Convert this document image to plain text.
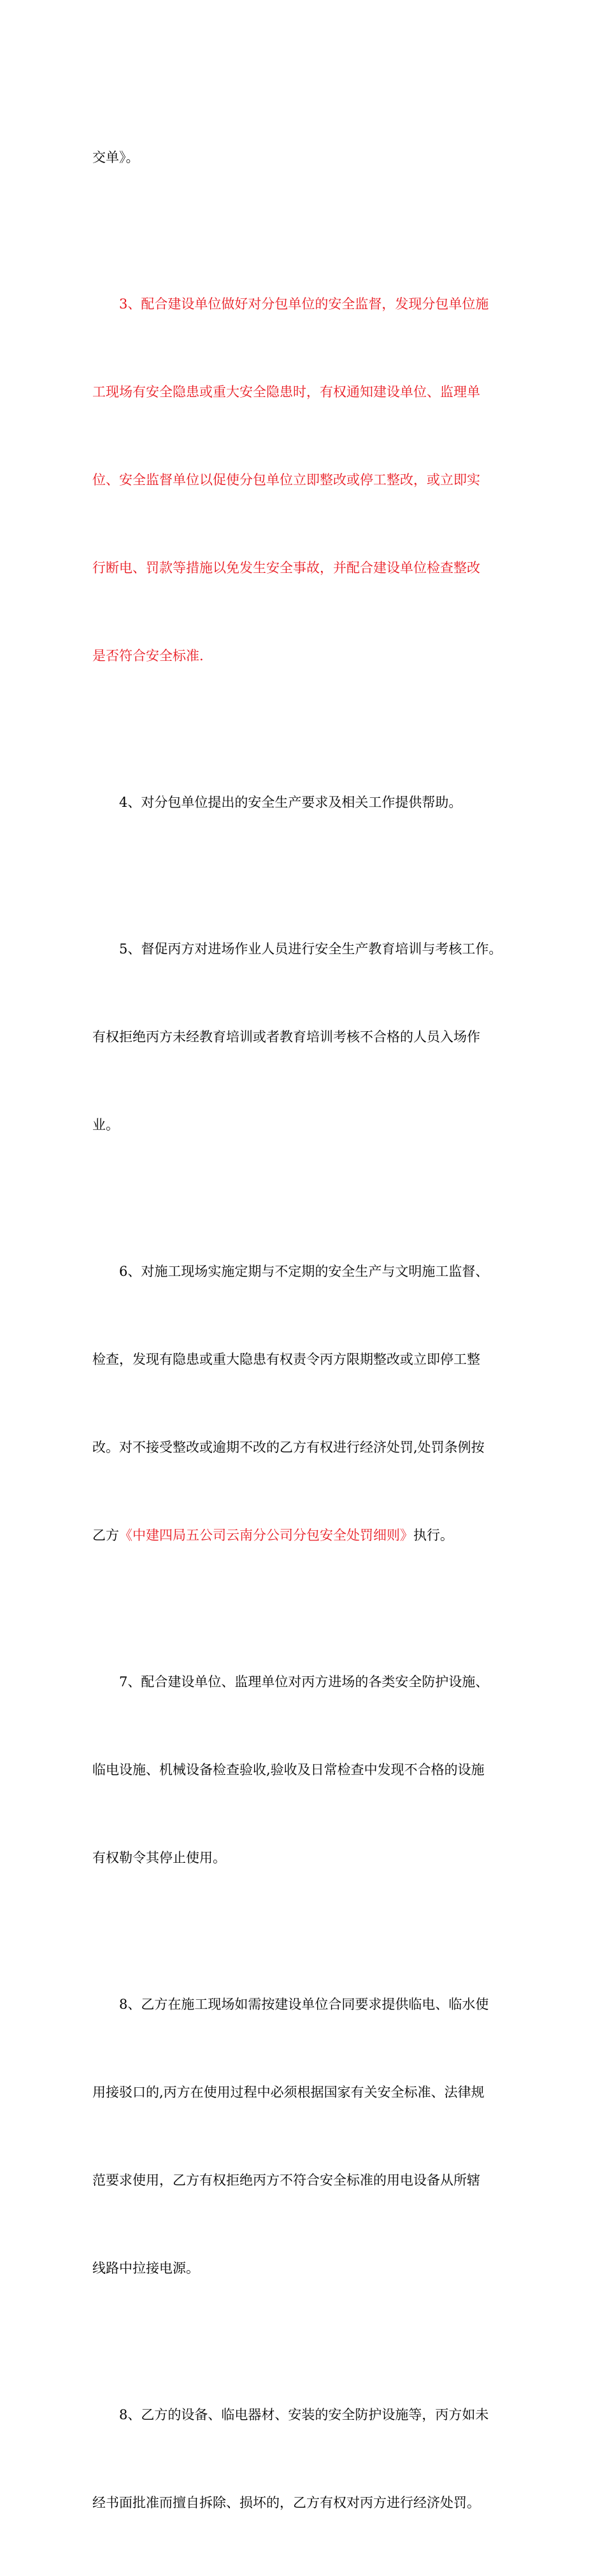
交单》。

3、配合建设单位做好对分包单位的安全监督，发现分包单位施

工现场有安全隐患或重大安全隐患时，有权通知建设单位、监理单

位、安全监督单位以促使分包单位立即整改或停工整改，或立即实

行断电、罚款等措施以免发生安全事故，并配合建设单位检查整改

是否符合安全标准.

4、对分包单位提出的安全生产要求及相关工作提供帮助。

5、督促丙方对进场作业人员进行安全生产教育培训与考核工作。

有权拒绝丙方未经教育培训或者教育培训考核不合格的人员入场作

业。

6、对施工现场实施定期与不定期的安全生产与文明施工监督、

检查，发现有隐患或重大隐患有权责令丙方限期整改或立即停工整

改。对不接受整改或逾期不改的乙方有权进行经济处罚,处罚条例按

乙方《中建四局五公司云南分公司分包安全处罚细则》执行。

7、配合建设单位、监理单位对丙方进场的各类安全防护设施、

临电设施、机械设备检查验收,验收及日常检查中发现不合格的设施

有权勒令其停止使用。

8、乙方在施工现场如需按建设单位合同要求提供临电、临水使

用接驳口的,丙方在使用过程中必须根据国家有关安全标准、法律规

范要求使用，乙方有权拒绝丙方不符合安全标准的用电设备从所辖

线路中拉接电源。

8、乙方的设备、临电器材、安装的安全防护设施等，丙方如未

经书面批准而擅自拆除、损坏的，乙方有权对丙方进行经济处罚。
